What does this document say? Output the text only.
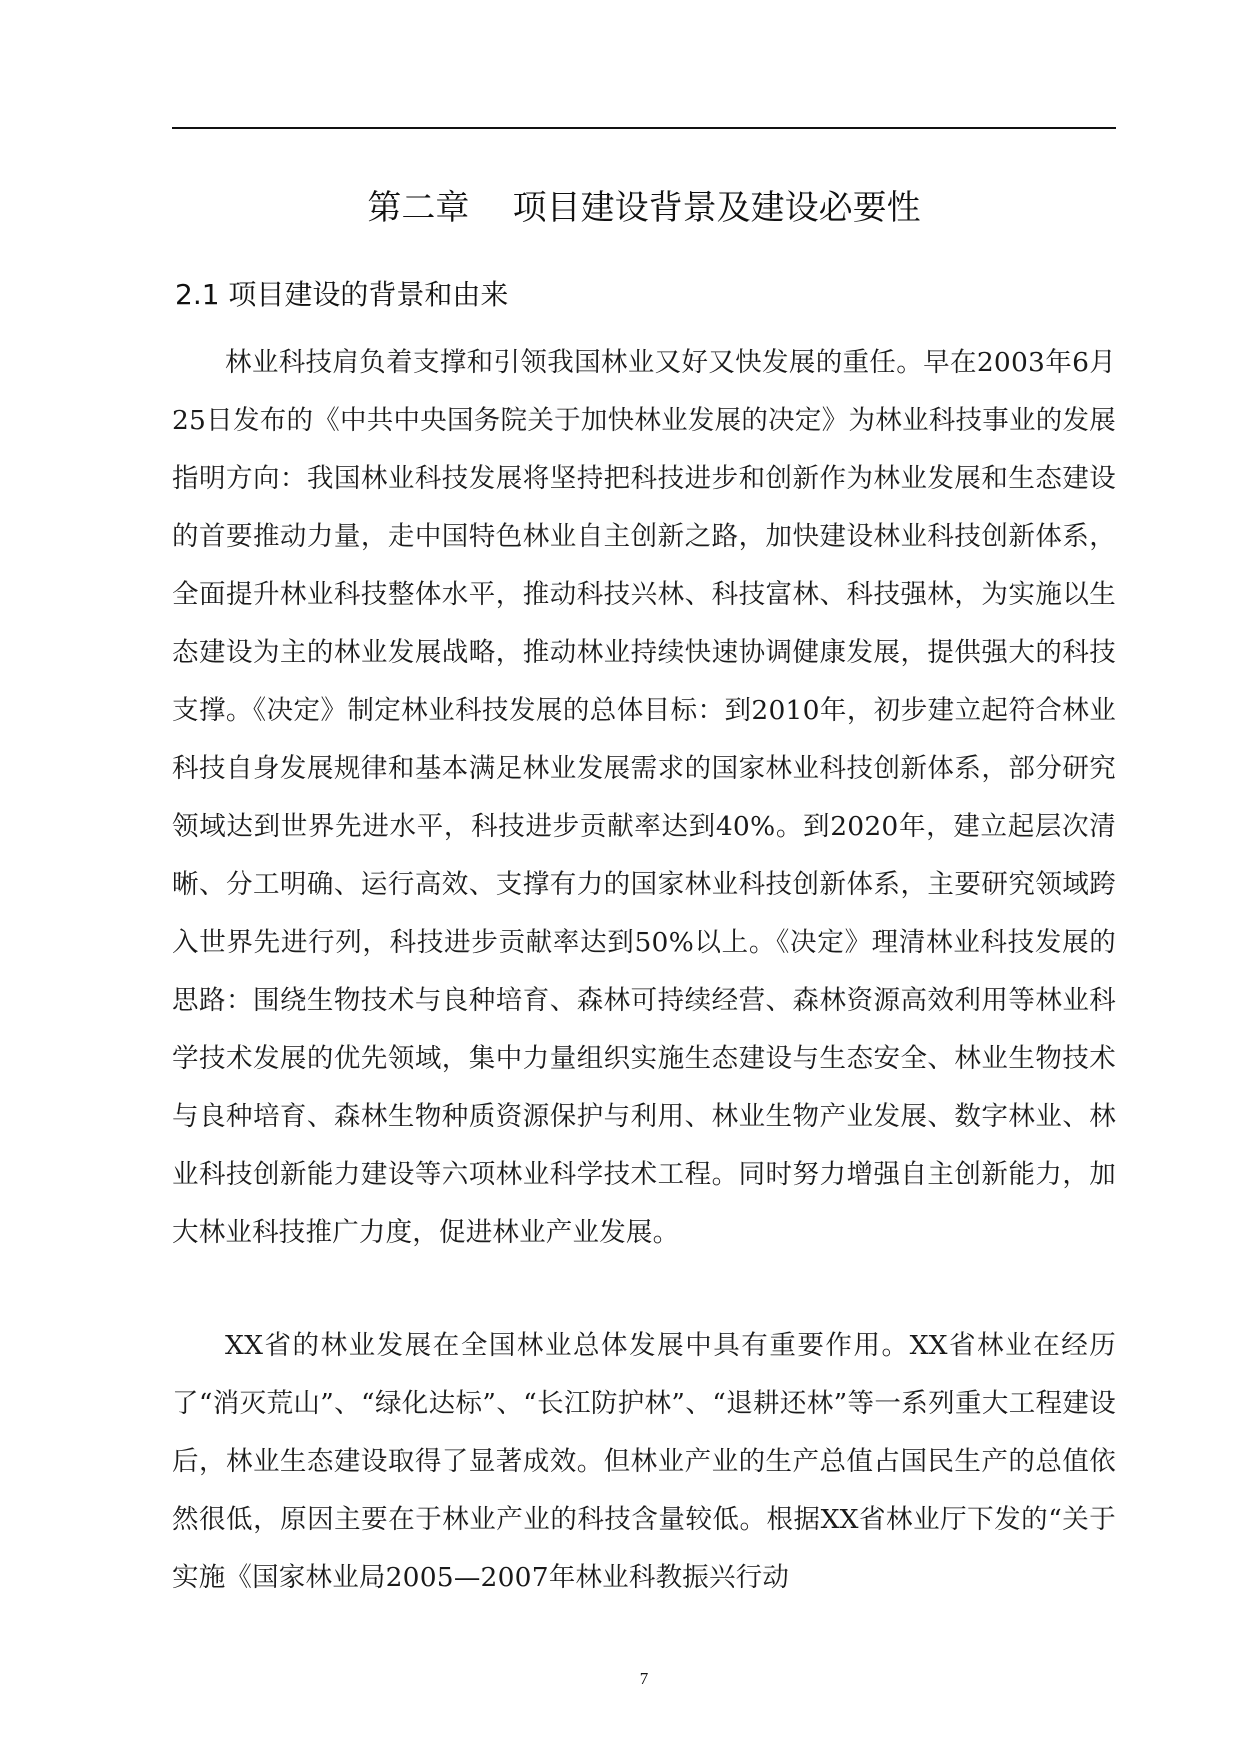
第二章    项目建设背景及建设必要性
2.1 项目建设的背景和由来

林业科技肩负着支撑和引领我国林业又好又快发展的重任。早在2003年6月25日发布的《中共中央国务院关于加快林业发展的决定》为林业科技事业的发展指明方向：我国林业科技发展将坚持把科技进步和创新作为林业发展和生态建设的首要推动力量，走中国特色林业自主创新之路，加快建设林业科技创新体系，全面提升林业科技整体水平，推动科技兴林、科技富林、科技强林，为实施以生态建设为主的林业发展战略，推动林业持续快速协调健康发展，提供强大的科技支撑。《决定》制定林业科技发展的总体目标：到2010年，初步建立起符合林业科技自身发展规律和基本满足林业发展需求的国家林业科技创新体系，部分研究领域达到世界先进水平，科技进步贡献率达到40%。到2020年，建立起层次清晰、分工明确、运行高效、支撑有力的国家林业科技创新体系，主要研究领域跨入世界先进行列，科技进步贡献率达到50%以上。《决定》理清林业科技发展的思路：围绕生物技术与良种培育、森林可持续经营、森林资源高效利用等林业科学技术发展的优先领域，集中力量组织实施生态建设与生态安全、林业生物技术与良种培育、森林生物种质资源保护与利用、林业生物产业发展、数字林业、林业科技创新能力建设等六项林业科学技术工程。同时努力增强自主创新能力，加大林业科技推广力度，促进林业产业发展。

XX省的林业发展在全国林业总体发展中具有重要作用。XX省林业在经历了“消灭荒山”、“绿化达标”、“长江防护林”、“退耕还林”等一系列重大工程建设后，林业生态建设取得了显著成效。但林业产业的生产总值占国民生产的总值依然很低，原因主要在于林业产业的科技含量较低。根据XX省林业厅下发的“关于实施《国家林业局2005—2007年林业科教振兴行动

7
